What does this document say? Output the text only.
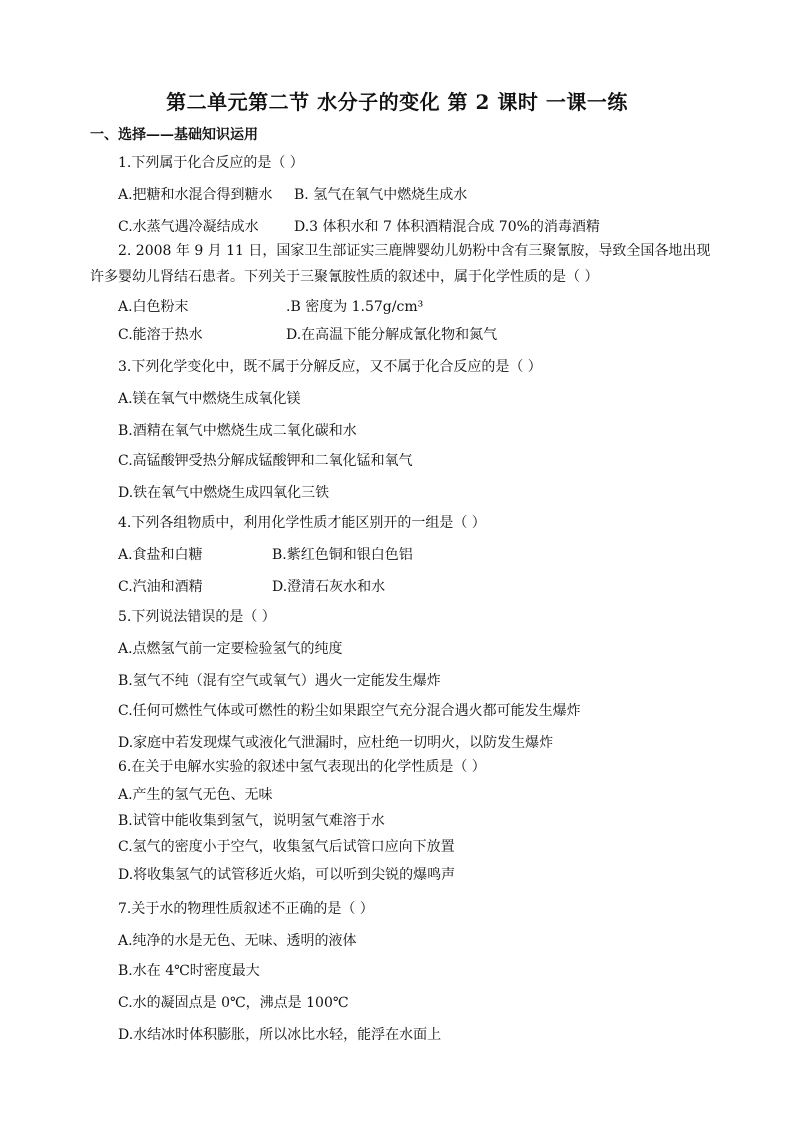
第二单元第二节 水分子的变化 第 2 课时 一课一练
一、选择——基础知识运用
1.下列属于化合反应的是（ ）
A.把糖和水混合得到糖水 B. 氢气在氧气中燃烧生成水
C.水蒸气遇冷凝结成水	D.3 体积水和 7 体积酒精混合成 70%的消毒酒精
2. 2008 年 9 月 11 日，国家卫生部证实三鹿牌婴幼儿奶粉中含有三聚氰胺，导致全国各地出现
许多婴幼儿肾结石患者。下列关于三聚氰胺性质的叙述中，属于化学性质的是（ ）
A.白色粉末	.B 密度为 1.57g/cm³
C.能溶于热水	D.在高温下能分解成氰化物和氮气
3.下列化学变化中，既不属于分解反应，又不属于化合反应的是（ ）
A.镁在氧气中燃烧生成氧化镁
B.酒精在氧气中燃烧生成二氧化碳和水
C.高锰酸钾受热分解成锰酸钾和二氧化锰和氧气
D.铁在氧气中燃烧生成四氧化三铁
4.下列各组物质中，利用化学性质才能区别开的一组是（ ）
A.食盐和白糖	B.紫红色铜和银白色铝
C.汽油和酒精	D.澄清石灰水和水
5.下列说法错误的是（ ）
A.点燃氢气前一定要检验氢气的纯度
B.氢气不纯（混有空气或氧气）遇火一定能发生爆炸
C.任何可燃性气体或可燃性的粉尘如果跟空气充分混合遇火都可能发生爆炸
D.家庭中若发现煤气或液化气泄漏时，应杜绝一切明火，以防发生爆炸
6.在关于电解水实验的叙述中氢气表现出的化学性质是（ ）
A.产生的氢气无色、无味
B.试管中能收集到氢气，说明氢气难溶于水
C.氢气的密度小于空气，收集氢气后试管口应向下放置
D.将收集氢气的试管移近火焰，可以听到尖锐的爆鸣声
7.关于水的物理性质叙述不正确的是（ ）
A.纯净的水是无色、无味、透明的液体
B.水在 4℃时密度最大
C.水的凝固点是 0℃，沸点是 100℃
D.水结冰时体积膨胀，所以冰比水轻，能浮在水面上
